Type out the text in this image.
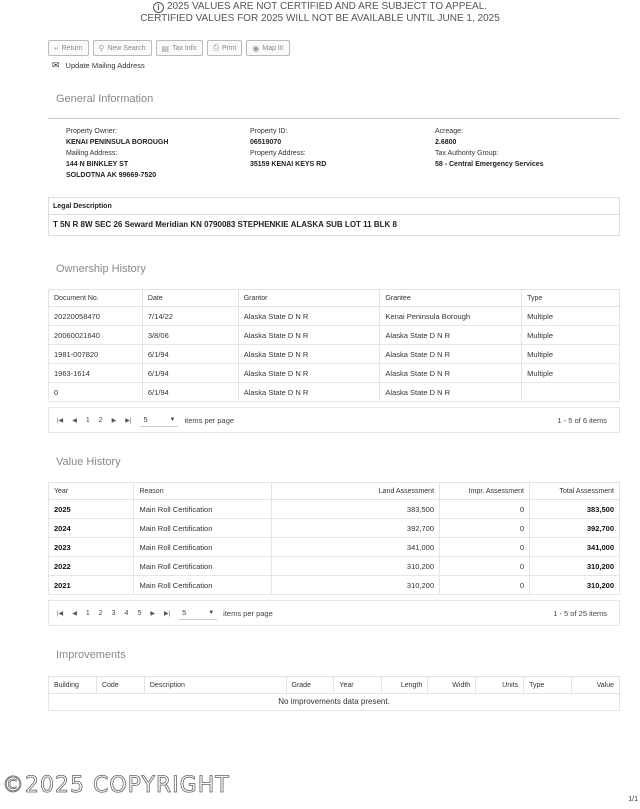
i 2025 VALUES ARE NOT CERTIFIED AND ARE SUBJECT TO APPEAL.
CERTIFIED VALUES FOR 2025 WILL NOT BE AVAILABLE UNTIL JUNE 1, 2025
⤶ Return ⚲ New Search ▤ Tax Info ⎙ Print ◉ Map It!
✉ Update Mailing Address
General Information
Property Owner:
KENAI PENINSULA BOROUGH
Mailing Address:
144 N BINKLEY ST
SOLDOTNA AK 99669-7520
Property ID:
06519070
Property Address:
35159 KENAI KEYS RD
Acreage:
2.6800
Tax Authority Group:
58 - Central Emergency Services
Legal Description
T 5N R 8W SEC 26 Seward Meridian KN 0790083 STEPHENKIE ALASKA SUB LOT 11 BLK 8
Ownership History
Document No.	Date	Grantor	Grantee	Type
20220058470	7/14/22	Alaska State D N R	Kenai Peninsula Borough	Multiple
20060021640	3/8/06	Alaska State D N R	Alaska State D N R	Multiple
1981-007820	6/1/94	Alaska State D N R	Alaska State D N R	Multiple
1963-1614	6/1/94	Alaska State D N R	Alaska State D N R	Multiple
0	6/1/94	Alaska State D N R	Alaska State D N R	
|◀ ◀ 1 2 ▶ ▶| 5	▼ items per page	1 - 5 of 6 items
Value History
Year	Reason	Land Assessment	Impr. Assessment	Total Assessment
2025	Main Roll Certification	383,500	0	383,500
2024	Main Roll Certification	392,700	0	392,700
2023	Main Roll Certification	341,000	0	341,000
2022	Main Roll Certification	310,200	0	310,200
2021	Main Roll Certification	310,200	0	310,200
|◀ ◀ 1 2 3 4 5 ▶ ▶| 5	▼ items per page	1 - 5 of 25 items
Improvements
Building	Code	Description	Grade	Year	Length	Width	Units	Type	Value
No improvements data present.
©2025 COPYRIGHT
1/1
